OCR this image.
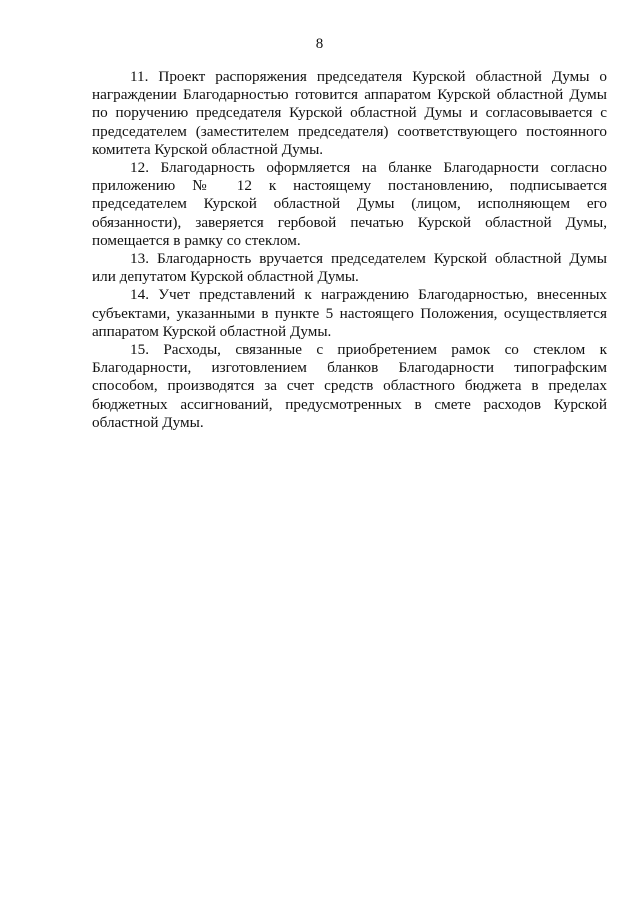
8

11. Проект распоряжения председателя Курской областной Думы о награждении Благодарностью готовится аппаратом Курской областной Думы по поручению председателя Курской областной Думы и согласовывается с председателем (заместителем председателя) соответствующего постоянного комитета Курской областной Думы.

12. Благодарность оформляется на бланке Благодарности согласно приложению № 12 к настоящему постановлению, подписывается председателем Курской областной Думы (лицом, исполняющем его обязанности), заверяется гербовой печатью Курской областной Думы, помещается в рамку со стеклом.

13. Благодарность вручается председателем Курской областной Думы или депутатом Курской областной Думы.

14. Учет представлений к награждению Благодарностью, внесенных субъектами, указанными в пункте 5 настоящего Положения, осуществляется аппаратом Курской областной Думы.

15. Расходы, связанные с приобретением рамок со стеклом к Благодарности, изготовлением бланков Благодарности типографским способом, производятся за счет средств областного бюджета в пределах бюджетных ассигнований, предусмотренных в смете расходов Курской областной Думы.
